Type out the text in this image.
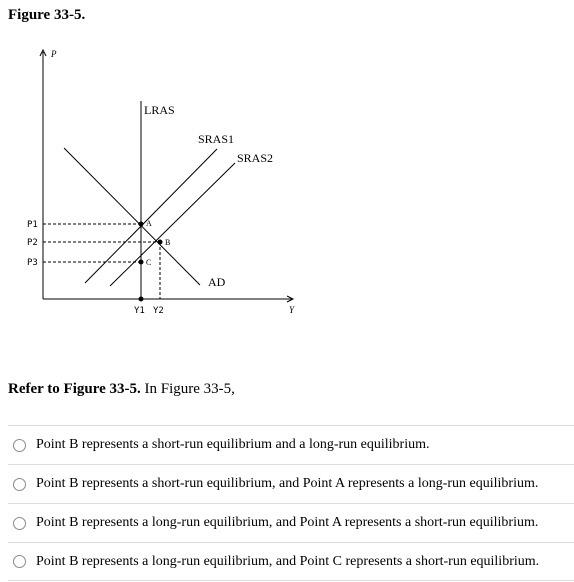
Figure 33-5.
P
Y
LRAS
SRAS1
SRAS2
AD
P1
P2
P3
Y1 Y2
A
B
C
Refer to Figure 33-5. In Figure 33-5,
Point B represents a short-run equilibrium and a long-run equilibrium.
Point B represents a short-run equilibrium, and Point A represents a long-run equilibrium.
Point B represents a long-run equilibrium, and Point A represents a short-run equilibrium.
Point B represents a long-run equilibrium, and Point C represents a short-run equilibrium.
